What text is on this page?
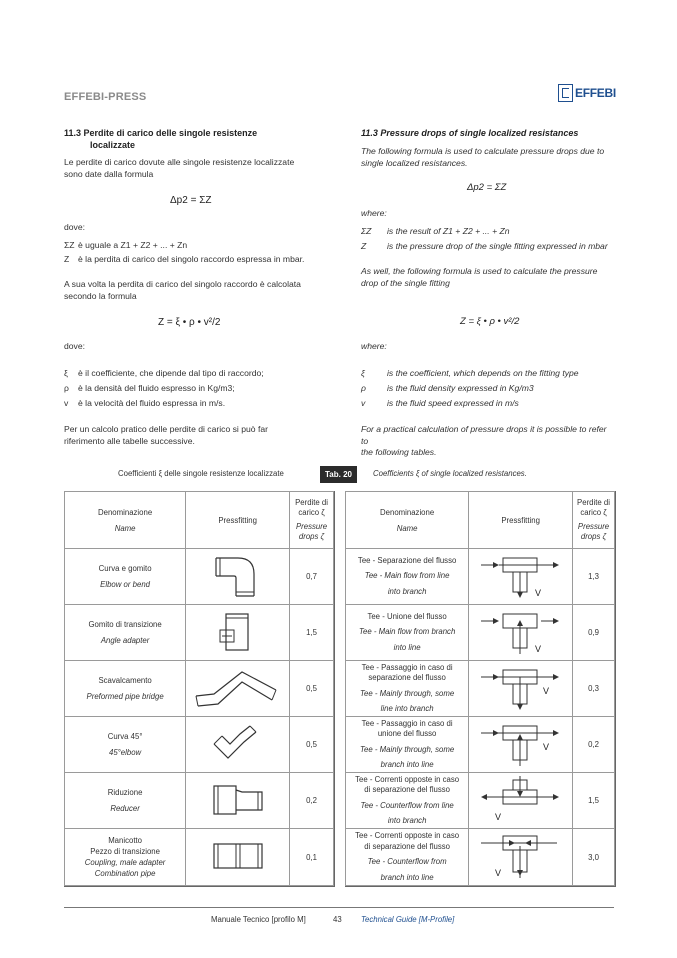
EFFEBI-PRESS	EFFEBI
11.3 Perdite di carico delle singole resistenze
localizzate
Le perdite di carico dovute alle singole resistenze localizzate
sono date dalla formula
Δp2 = ΣZ
dove:
ΣZ è uguale a Z1 + Z2 + ... + Zn
Z è la perdita di carico del singolo raccordo espressa in mbar.
A sua volta la perdita di carico del singolo raccordo è calcolata
secondo la formula
Z = ξ • ρ • v²/2
dove:
ξ è il coefficiente, che dipende dal tipo di raccordo;
ρ è la densità del fluido espresso in Kg/m3;
v è la velocità del fluido espressa in m/s.
Per un calcolo pratico delle perdite di carico si può far
riferimento alle tabelle successive.
11.3 Pressure drops of single localized resistances
The following formula is used to calculate pressure drops due to
single localized resistances.
Δp2 = ΣZ
where:
ΣZ is the result of Z1 + Z2 + ... + Zn
Z is the pressure drop of the single fitting expressed in mbar
As well, the following formula is used to calculate the pressure
drop of the single fitting
Z = ξ • ρ • v²/2
where:
ξ	is the coefficient, which depends on the fitting type
ρ is the fluid density expressed in Kg/m3
v	is the fluid speed expressed in m/s
For a practical calculation of pressure drops it is possible to refer to
the following tables.
Coefficienti ξ delle singole resistenze localizzate	Tab. 20	Coefficients ξ of single localized resistances.
Denominazione
Name	Pressfitting	Perdite di
carico ζ
Pressure
drops ζ
Curva e gomito
Elbow or bend		0,7
Gomito di transizione
Angle adapter		1,5
Scavalcamento
Preformed pipe bridge		0,5
Curva 45°
45°elbow		0,5
Riduzione
Reducer		0,2
Manicotto
Pezzo di transizione
Coupling, male adapter
Combination pipe		0,1
Denominazione
Name	Pressfitting	Perdite di
carico ζ
Pressure
drops ζ
Tee - Separazione del flusso
Tee - Main flow from line

into branch	V	1,3
Tee - Unione del flusso
Tee - Main flow from branch

into line	V	0,9
Tee - Passaggio in caso di
separazione del flusso
Tee - Mainly through, some

line into branch	V	0,3
Tee - Passaggio in caso di
unione del flusso
Tee - Mainly through, some

branch into line	V	0,2
Tee - Correnti opposte in caso
di separazione del flusso
Tee - Counterflow from line

into branch	V	1,5
Tee - Correnti opposte in caso
di separazione del flusso
Tee - Counterflow from

branch into line	V	3,0
Manuale Tecnico [profilo M]	43 Technical Guide [M-Profile]
